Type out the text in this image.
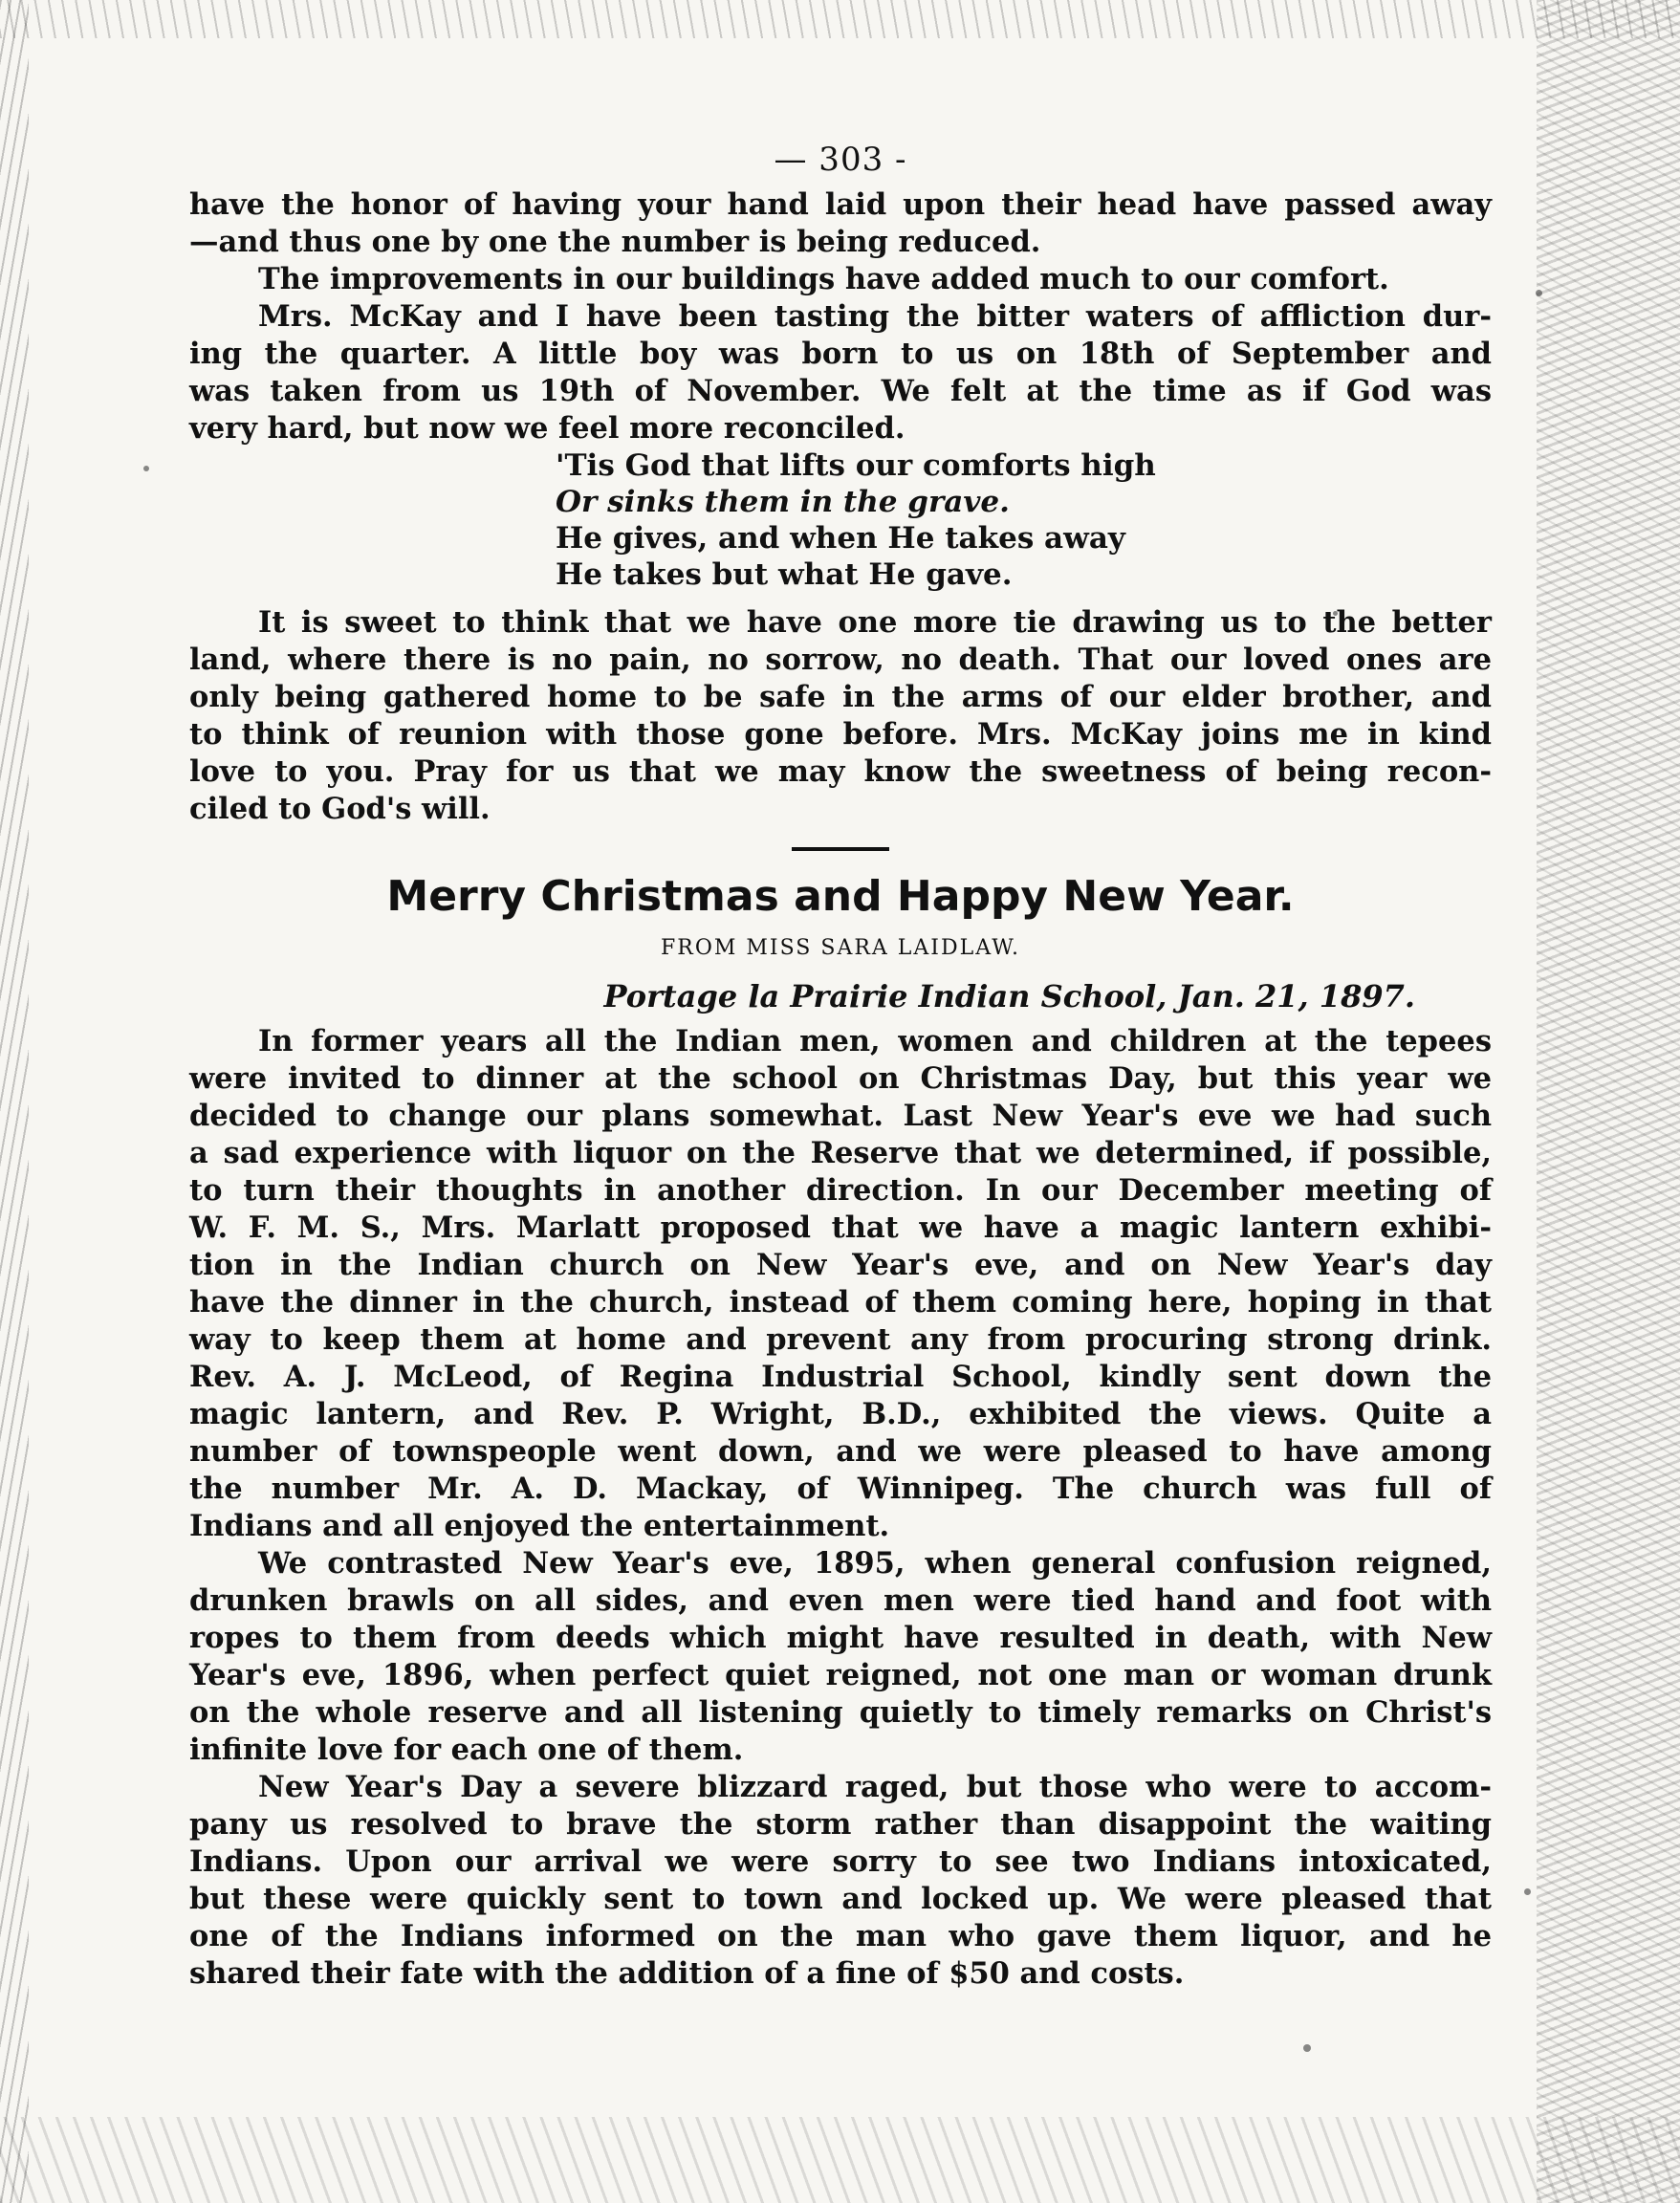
— 303 -

have the honor of having your hand laid upon their head have passed away
—and thus one by one the number is being reduced.

The improvements in our buildings have added much to our comfort.

Mrs. McKay and I have been tasting the bitter waters of affliction dur-
ing the quarter. A little boy was born to us on 18th of September and
was taken from us 19th of November. We felt at the time as if God was
very hard, but now we feel more reconciled.

'Tis God that lifts our comforts high
Or sinks them in the grave.
He gives, and when He takes away
He takes but what He gave.

It is sweet to think that we have one more tie drawing us to the better
land, where there is no pain, no sorrow, no death. That our loved ones are
only being gathered home to be safe in the arms of our elder brother, and
to think of reunion with those gone before. Mrs. McKay joins me in kind
love to you. Pray for us that we may know the sweetness of being recon-
ciled to God's will.

Merry Christmas and Happy New Year.
FROM MISS SARA LAIDLAW.
Portage la Prairie Indian School, Jan. 21, 1897.

In former years all the Indian men, women and children at the tepees
were invited to dinner at the school on Christmas Day, but this year we
decided to change our plans somewhat. Last New Year's eve we had such
a sad experience with liquor on the Reserve that we determined, if possible,
to turn their thoughts in another direction. In our December meeting of
W. F. M. S., Mrs. Marlatt proposed that we have a magic lantern exhibi-
tion in the Indian church on New Year's eve, and on New Year's day
have the dinner in the church, instead of them coming here, hoping in that
way to keep them at home and prevent any from procuring strong drink.
Rev. A. J. McLeod, of Regina Industrial School, kindly sent down the
magic lantern, and Rev. P. Wright, B.D., exhibited the views. Quite a
number of townspeople went down, and we were pleased to have among
the number Mr. A. D. Mackay, of Winnipeg. The church was full of
Indians and all enjoyed the entertainment.

We contrasted New Year's eve, 1895, when general confusion reigned,
drunken brawls on all sides, and even men were tied hand and foot with
ropes to them from deeds which might have resulted in death, with New
Year's eve, 1896, when perfect quiet reigned, not one man or woman drunk
on the whole reserve and all listening quietly to timely remarks on Christ's
infinite love for each one of them.

New Year's Day a severe blizzard raged, but those who were to accom-
pany us resolved to brave the storm rather than disappoint the waiting
Indians. Upon our arrival we were sorry to see two Indians intoxicated,
but these were quickly sent to town and locked up. We were pleased that
one of the Indians informed on the man who gave them liquor, and he
shared their fate with the addition of a fine of $50 and costs.
